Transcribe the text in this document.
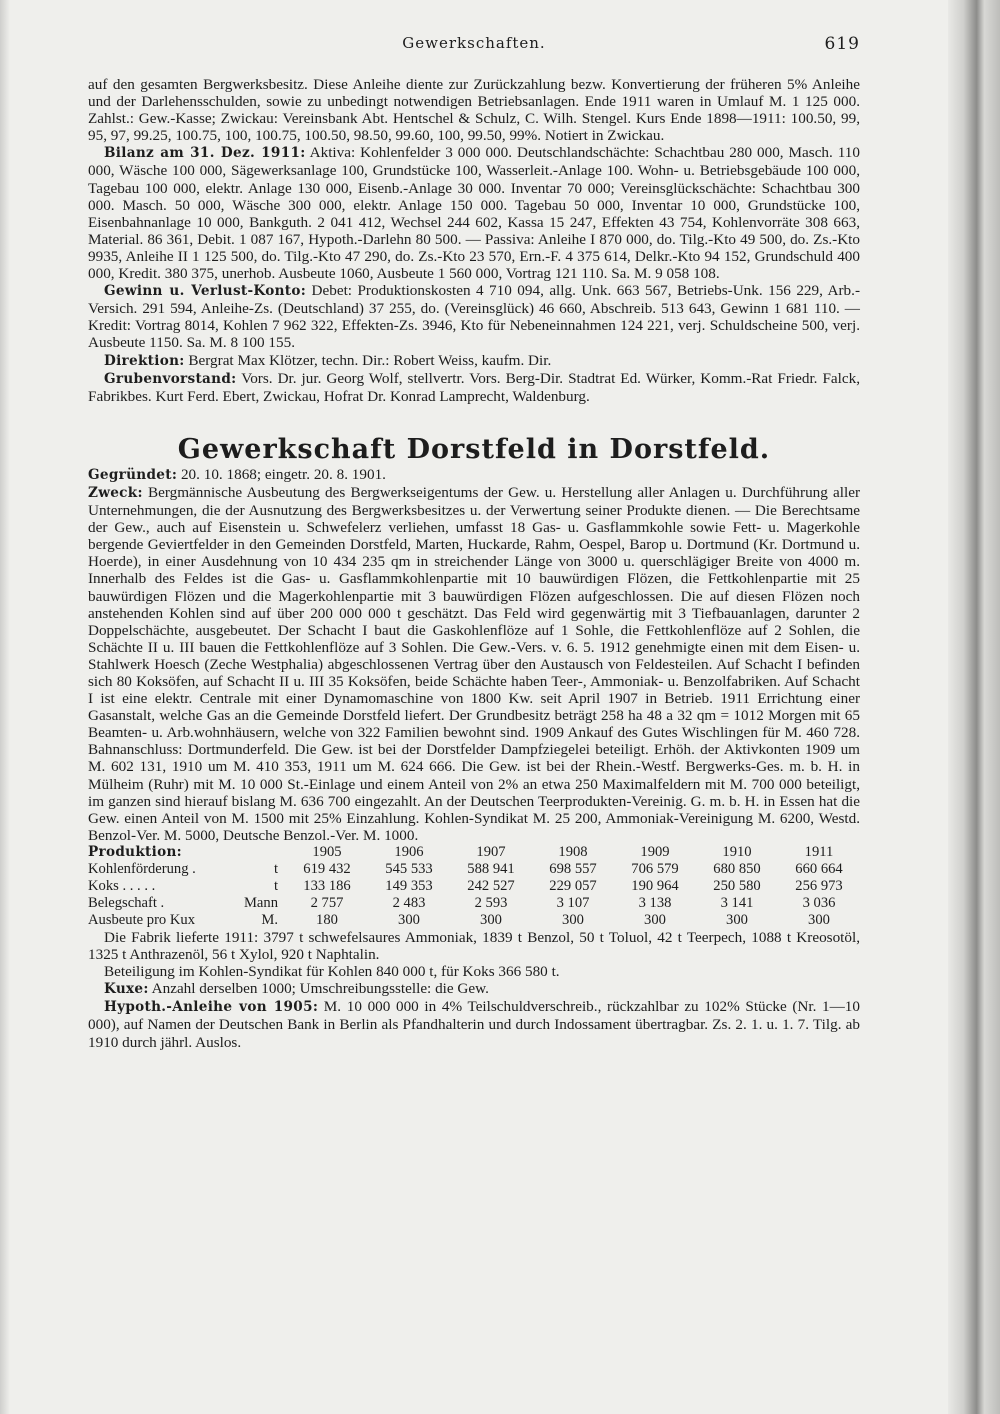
Gewerkschaften.	619

auf den gesamten Bergwerksbesitz. Diese Anleihe diente zur Zurückzahlung bezw. Konvertierung der früheren 5% Anleihe und der Darlehensschulden, sowie zu unbedingt notwendigen Betriebsanlagen. Ende 1911 waren in Umlauf M. 1 125 000. Zahlst.: Gew.-Kasse; Zwickau: Vereinsbank Abt. Hentschel & Schulz, C. Wilh. Stengel. Kurs Ende 1898—1911: 100.50, 99, 95, 97, 99.25, 100.75, 100, 100.75, 100.50, 98.50, 99.60, 100, 99.50, 99%. Notiert in Zwickau.

Bilanz am 31. Dez. 1911: Aktiva: Kohlenfelder 3 000 000. Deutschlandschächte: Schachtbau 280 000, Masch. 110 000, Wäsche 100 000, Sägewerksanlage 100, Grundstücke 100, Wasserleit.-Anlage 100. Wohn- u. Betriebsgebäude 100 000, Tagebau 100 000, elektr. Anlage 130 000, Eisenb.-Anlage 30 000. Inventar 70 000; Vereinsglückschächte: Schachtbau 300 000. Masch. 50 000, Wäsche 300 000, elektr. Anlage 150 000. Tagebau 50 000, Inventar 10 000, Grundstücke 100, Eisenbahnanlage 10 000, Bankguth. 2 041 412, Wechsel 244 602, Kassa 15 247, Effekten 43 754, Kohlenvorräte 308 663, Material. 86 361, Debit. 1 087 167, Hypoth.-Darlehn 80 500. — Passiva: Anleihe I 870 000, do. Tilg.-Kto 49 500, do. Zs.-Kto 9935, Anleihe II 1 125 500, do. Tilg.-Kto 47 290, do. Zs.-Kto 23 570, Ern.-F. 4 375 614, Delkr.-Kto 94 152, Grundschuld 400 000, Kredit. 380 375, unerhob. Ausbeute 1060, Ausbeute 1 560 000, Vortrag 121 110. Sa. M. 9 058 108.

Gewinn u. Verlust-Konto: Debet: Produktionskosten 4 710 094, allg. Unk. 663 567, Betriebs-Unk. 156 229, Arb.-Versich. 291 594, Anleihe-Zs. (Deutschland) 37 255, do. (Vereinsglück) 46 660, Abschreib. 513 643, Gewinn 1 681 110. — Kredit: Vortrag 8014, Kohlen 7 962 322, Effekten-Zs. 3946, Kto für Nebeneinnahmen 124 221, verj. Schuldscheine 500, verj. Ausbeute 1150. Sa. M. 8 100 155.

Direktion: Bergrat Max Klötzer, techn. Dir.: Robert Weiss, kaufm. Dir.

Grubenvorstand: Vors. Dr. jur. Georg Wolf, stellvertr. Vors. Berg-Dir. Stadtrat Ed. Würker, Komm.-Rat Friedr. Falck, Fabrikbes. Kurt Ferd. Ebert, Zwickau, Hofrat Dr. Konrad Lamprecht, Waldenburg.

Gewerkschaft Dorstfeld in Dorstfeld.

Gegründet: 20. 10. 1868; eingetr. 20. 8. 1901.

Zweck: Bergmännische Ausbeutung des Bergwerkseigentums der Gew. u. Herstellung aller Anlagen u. Durchführung aller Unternehmungen, die der Ausnutzung des Bergwerksbesitzes u. der Verwertung seiner Produkte dienen. — Die Berechtsame der Gew., auch auf Eisenstein u. Schwefelerz verliehen, umfasst 18 Gas- u. Gasflammkohle sowie Fett- u. Magerkohle bergende Geviertfelder in den Gemeinden Dorstfeld, Marten, Huckarde, Rahm, Oespel, Barop u. Dortmund (Kr. Dortmund u. Hoerde), in einer Ausdehnung von 10 434 235 qm in streichender Länge von 3000 u. querschlägiger Breite von 4000 m. Innerhalb des Feldes ist die Gas- u. Gasflammkohlenpartie mit 10 bauwürdigen Flözen, die Fettkohlenpartie mit 25 bauwürdigen Flözen und die Magerkohlenpartie mit 3 bauwürdigen Flözen aufgeschlossen. Die auf diesen Flözen noch anstehenden Kohlen sind auf über 200 000 000 t geschätzt. Das Feld wird gegenwärtig mit 3 Tiefbauanlagen, darunter 2 Doppelschächte, ausgebeutet. Der Schacht I baut die Gaskohlenflöze auf 1 Sohle, die Fettkohlenflöze auf 2 Sohlen, die Schächte II u. III bauen die Fettkohlenflöze auf 3 Sohlen. Die Gew.-Vers. v. 6. 5. 1912 genehmigte einen mit dem Eisen- u. Stahlwerk Hoesch (Zeche Westphalia) abgeschlossenen Vertrag über den Austausch von Feldesteilen. Auf Schacht I befinden sich 80 Koksöfen, auf Schacht II u. III 35 Koksöfen, beide Schächte haben Teer-, Ammoniak- u. Benzolfabriken. Auf Schacht I ist eine elektr. Centrale mit einer Dynamomaschine von 1800 Kw. seit April 1907 in Betrieb. 1911 Errichtung einer Gasanstalt, welche Gas an die Gemeinde Dorstfeld liefert. Der Grundbesitz beträgt 258 ha 48 a 32 qm = 1012 Morgen mit 65 Beamten- u. Arb.wohnhäusern, welche von 322 Familien bewohnt sind. 1909 Ankauf des Gutes Wischlingen für M. 460 728. Bahnanschluss: Dortmunderfeld. Die Gew. ist bei der Dorstfelder Dampfziegelei beteiligt. Erhöh. der Aktivkonten 1909 um M. 602 131, 1910 um M. 410 353, 1911 um M. 624 666. Die Gew. ist bei der Rhein.-Westf. Bergwerks-Ges. m. b. H. in Mülheim (Ruhr) mit M. 10 000 St.-Einlage und einem Anteil von 2% an etwa 250 Maximalfeldern mit M. 700 000 beteiligt, im ganzen sind hierauf bislang M. 636 700 eingezahlt. An der Deutschen Teerprodukten-Vereinig. G. m. b. H. in Essen hat die Gew. einen Anteil von M. 1500 mit 25% Einzahlung. Kohlen-Syndikat M. 25 200, Ammoniak-Vereinigung M. 6200, Westd. Benzol-Ver. M. 5000, Deutsche Benzol.-Ver. M. 1000.

Produktion:		1905	1906	1907	1908	1909	1910	1911
Kohlenförderung .	t	619 432	545 533	588 941	698 557	706 579	680 850	660 664
Koks . . . . .	t	133 186	149 353	242 527	229 057	190 964	250 580	256 973
Belegschaft .	Mann	2 757	2 483	2 593	3 107	3 138	3 141	3 036
Ausbeute pro Kux	M.	180	300	300	300	300	300	300

Die Fabrik lieferte 1911: 3797 t schwefelsaures Ammoniak, 1839 t Benzol, 50 t Toluol, 42 t Teerpech, 1088 t Kreosotöl, 1325 t Anthrazenöl, 56 t Xylol, 920 t Naphtalin.

Beteiligung im Kohlen-Syndikat für Kohlen 840 000 t, für Koks 366 580 t.

Kuxe: Anzahl derselben 1000; Umschreibungsstelle: die Gew.

Hypoth.-Anleihe von 1905: M. 10 000 000 in 4% Teilschuldverschreib., rückzahlbar zu 102% Stücke (Nr. 1—10 000), auf Namen der Deutschen Bank in Berlin als Pfandhalterin und durch Indossament übertragbar. Zs. 2. 1. u. 1. 7. Tilg. ab 1910 durch jährl. Auslos.
